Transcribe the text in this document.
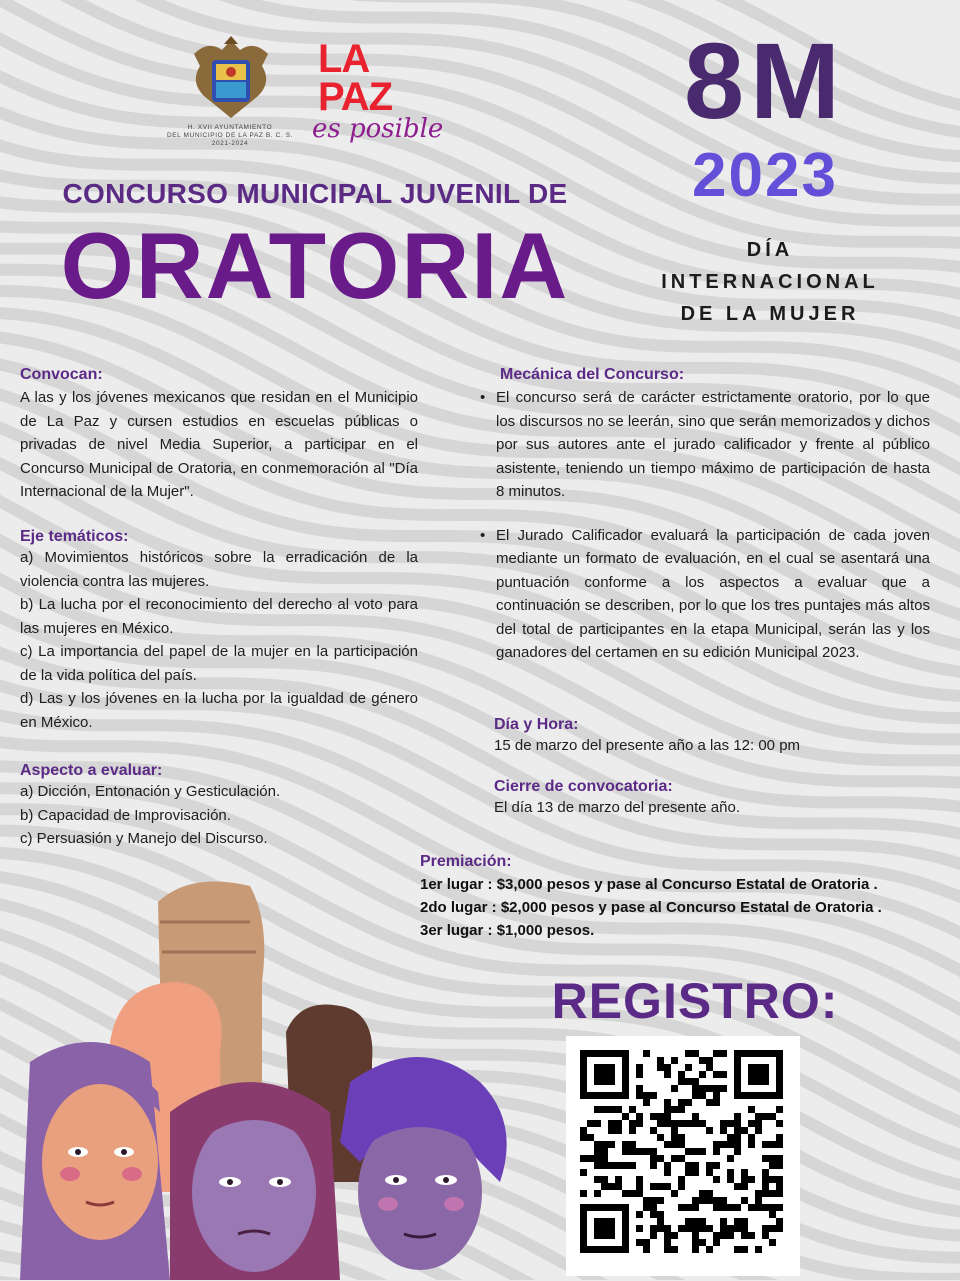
H. XVII AYUNTAMIENTO
DEL MUNICIPIO DE LA PAZ B. C. S.
2021-2024
LA
PAZ
es posible
CONCURSO MUNICIPAL JUVENIL DE
ORATORIA
8M
2023
DÍA
INTERNACIONAL
DE LA MUJER
Convocan:
A las y los jóvenes mexicanos que residan en el Municipio de La Paz y cursen estudios en escuelas públicas o privadas de nivel Media Superior, a participar en el Concurso Municipal de Oratoria, en conmemoración al "Día Internacional de la Mujer".
Eje temáticos:
a) Movimientos históricos sobre la erradicación de la violencia contra las mujeres.
b) La lucha por el reconocimiento del derecho al voto para las mujeres en México.
c) La importancia del papel de la mujer en la participación de la vida política del país.
d) Las y los jóvenes en la lucha por la igualdad de género en México.
Aspecto a evaluar:
a) Dicción, Entonación y Gesticulación.
b) Capacidad de Improvisación.
c) Persuasión y Manejo del Discurso.
Mecánica del Concurso:
• El concurso será de carácter estrictamente oratorio, por lo que los discursos no se leerán, sino que serán memorizados y dichos por sus autores ante el jurado calificador y frente al público asistente, teniendo un tiempo máximo de participación de hasta 8 minutos.
• El Jurado Calificador evaluará la participación de cada joven mediante un formato de evaluación, en el cual se asentará una puntuación conforme a los aspectos a evaluar que a continuación se describen, por lo que los tres puntajes más altos del total de participantes en la etapa Municipal, serán las y los ganadores del certamen en su edición Municipal 2023.
Día y Hora:
15 de marzo del presente año a las 12: 00 pm
Cierre de convocatoria:
El día 13 de marzo del presente año.
Premiación:
1er lugar : $3,000 pesos y pase al Concurso Estatal de Oratoria .
2do lugar : $2,000 pesos y pase al Concurso Estatal de Oratoria .
3er lugar : $1,000 pesos.
REGISTRO:
